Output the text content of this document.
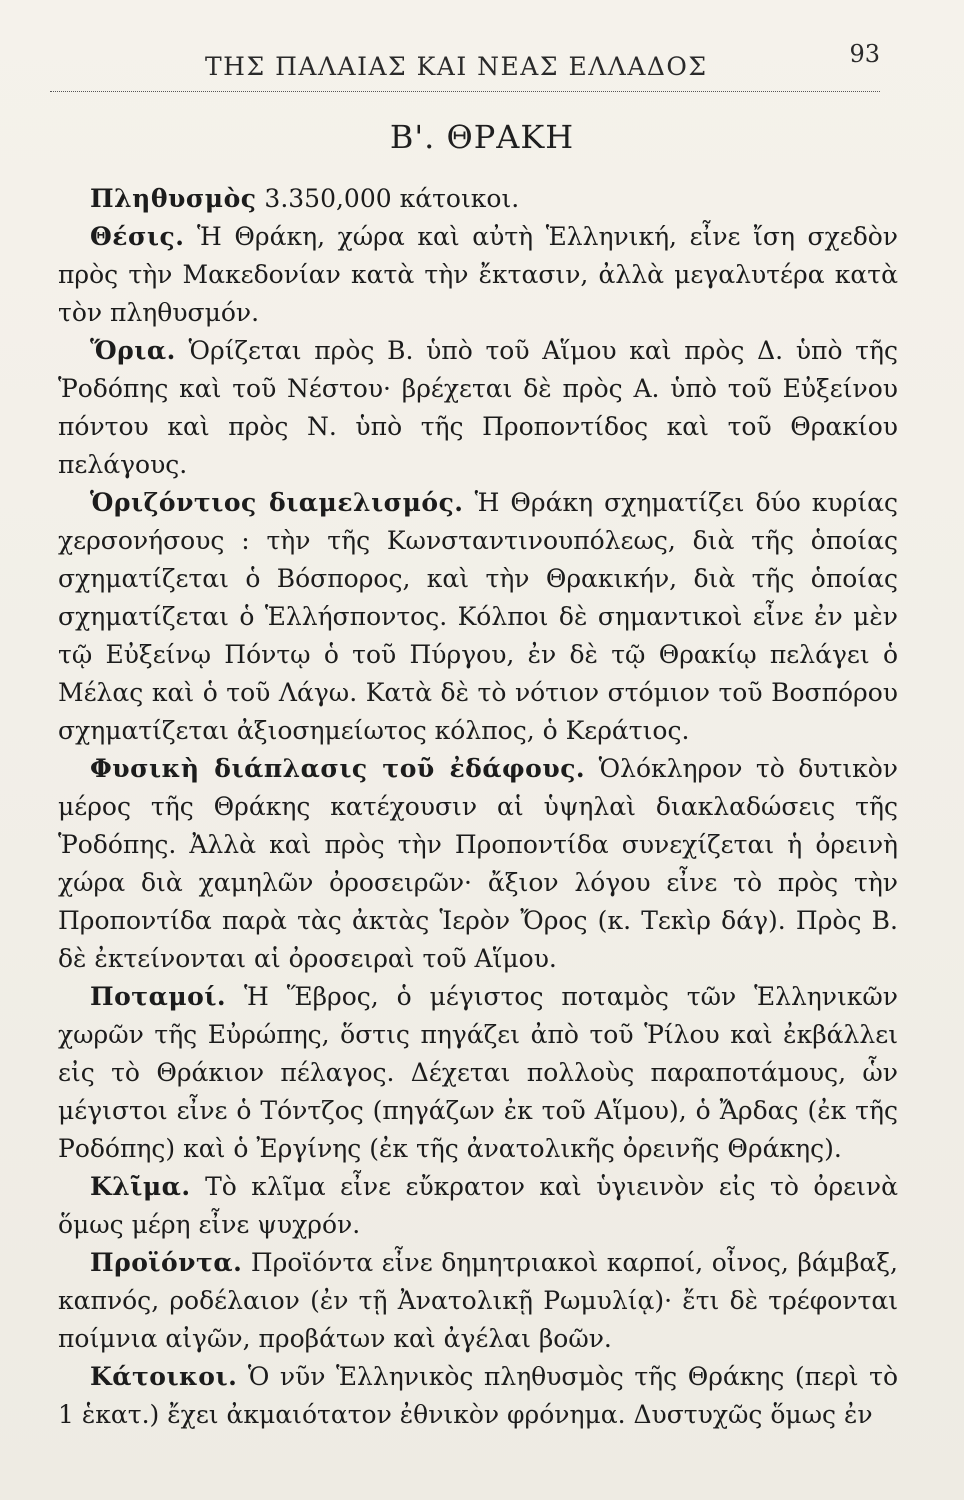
ΤΗΣ ΠΑΛΑΙΑΣ ΚΑΙ ΝΕΑΣ ΕΛΛΑΔΟΣ	93
Β'. ΘΡΑΚΗ

Πληθυσμὸς 3.350,000 κάτοικοι.

Θέσις. Ἡ Θράκη, χώρα καὶ αὐτὴ Ἑλληνική, εἶνε ἴση σχεδὸν πρὸς τὴν Μακεδονίαν κατὰ τὴν ἔκτασιν, ἀλλὰ μεγαλυτέρα κατὰ τὸν πληθυσμόν.

Ὅρια. Ὁρίζεται πρὸς Β. ὑπὸ τοῦ Αἵμου καὶ πρὸς Δ. ὑπὸ τῆς Ῥοδόπης καὶ τοῦ Νέστου· βρέχεται δὲ πρὸς Α. ὑπὸ τοῦ Εὐξείνου πόντου καὶ πρὸς Ν. ὑπὸ τῆς Προποντίδος καὶ τοῦ Θρακίου πελάγους.

Ὁριζόντιος διαμελισμός. Ἡ Θράκη σχηματίζει δύο κυρίας χερσονήσους : τὴν τῆς Κωνσταντινουπόλεως, διὰ τῆς ὁποίας σχηματίζεται ὁ Βόσπορος, καὶ τὴν Θρακικήν, διὰ τῆς ὁποίας σχηματίζεται ὁ Ἑλλήσποντος. Κόλποι δὲ σημαντικοὶ εἶνε ἐν μὲν τῷ Εὐξείνῳ Πόντῳ ὁ τοῦ Πύργου, ἐν δὲ τῷ Θρακίῳ πελάγει ὁ Μέλας καὶ ὁ τοῦ Λάγω. Κατὰ δὲ τὸ νότιον στόμιον τοῦ Βοσπόρου σχηματίζεται ἀξιοσημείωτος κόλπος, ὁ Κεράτιος.

Φυσικὴ διάπλασις τοῦ ἐδάφους. Ὁλόκληρον τὸ δυτικὸν μέρος τῆς Θράκης κατέχουσιν αἱ ὑψηλαὶ διακλαδώσεις τῆς Ῥοδόπης. Ἀλλὰ καὶ πρὸς τὴν Προποντίδα συνεχίζεται ἡ ὀρεινὴ χώρα διὰ χαμηλῶν ὀροσειρῶν· ἄξιον λόγου εἶνε τὸ πρὸς τὴν Προποντίδα παρὰ τὰς ἀκτὰς Ἱερὸν Ὄρος (κ. Τεκὶρ δάγ). Πρὸς Β. δὲ ἐκτείνονται αἱ ὀροσειραὶ τοῦ Αἵμου.

Ποταμοί. Ἡ Ἕβρος, ὁ μέγιστος ποταμὸς τῶν Ἑλληνικῶν χωρῶν τῆς Εὐρώπης, ὅστις πηγάζει ἀπὸ τοῦ Ῥίλου καὶ ἐκβάλλει εἰς τὸ Θράκιον πέλαγος. Δέχεται πολλοὺς παραποτάμους, ὧν μέγιστοι εἶνε ὁ Τόντζος (πηγάζων ἐκ τοῦ Αἵμου), ὁ Ἄρδας (ἐκ τῆς Ροδόπης) καὶ ὁ Ἐργίνης (ἐκ τῆς ἀνατολικῆς ὀρεινῆς Θράκης).

Κλῖμα. Τὸ κλῖμα εἶνε εὔκρατον καὶ ὑγιεινὸν εἰς τὸ ὀρεινὰ ὅμως μέρη εἶνε ψυχρόν.

Προϊόντα. Προϊόντα εἶνε δημητριακοὶ καρποί, οἶνος, βάμβαξ, καπνός, ροδέλαιον (ἐν τῇ Ἀνατολικῇ Ρωμυλίᾳ)· ἔτι δὲ τρέφονται ποίμνια αἰγῶν, προβάτων καὶ ἀγέλαι βοῶν.

Κάτοικοι. Ὁ νῦν Ἑλληνικὸς πληθυσμὸς τῆς Θράκης (περὶ τὸ 1 ἑκατ.) ἔχει ἀκμαιότατον ἐθνικὸν φρόνημα. Δυστυχῶς ὅμως ἐν
